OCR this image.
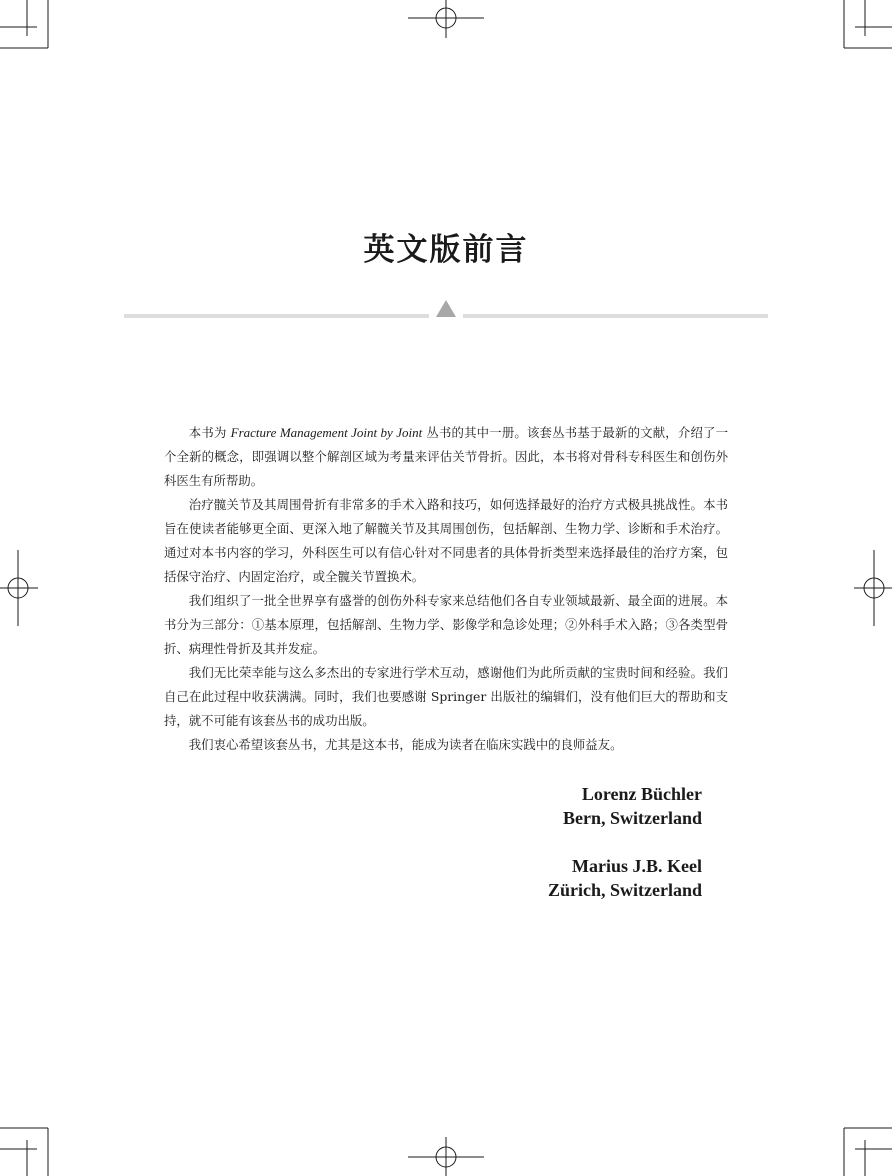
英文版前言

本书为 Fracture Management Joint by Joint 丛书的其中一册。该套丛书基于最新的文献，介绍了一个全新的概念，即强调以整个解剖区域为考量来评估关节骨折。因此，本书将对骨科专科医生和创伤外科医生有所帮助。

治疗髋关节及其周围骨折有非常多的手术入路和技巧，如何选择最好的治疗方式极具挑战性。本书旨在使读者能够更全面、更深入地了解髋关节及其周围创伤，包括解剖、生物力学、诊断和手术治疗。通过对本书内容的学习，外科医生可以有信心针对不同患者的具体骨折类型来选择最佳的治疗方案，包括保守治疗、内固定治疗，或全髋关节置换术。

我们组织了一批全世界享有盛誉的创伤外科专家来总结他们各自专业领域最新、最全面的进展。本书分为三部分：①基本原理，包括解剖、生物力学、影像学和急诊处理；②外科手术入路；③各类型骨折、病理性骨折及其并发症。

我们无比荣幸能与这么多杰出的专家进行学术互动，感谢他们为此所贡献的宝贵时间和经验。我们自己在此过程中收获满满。同时，我们也要感谢 Springer 出版社的编辑们，没有他们巨大的帮助和支持，就不可能有该套丛书的成功出版。

我们衷心希望该套丛书，尤其是这本书，能成为读者在临床实践中的良师益友。

Lorenz Büchler
Bern, Switzerland
Marius J.B. Keel
Zürich, Switzerland
